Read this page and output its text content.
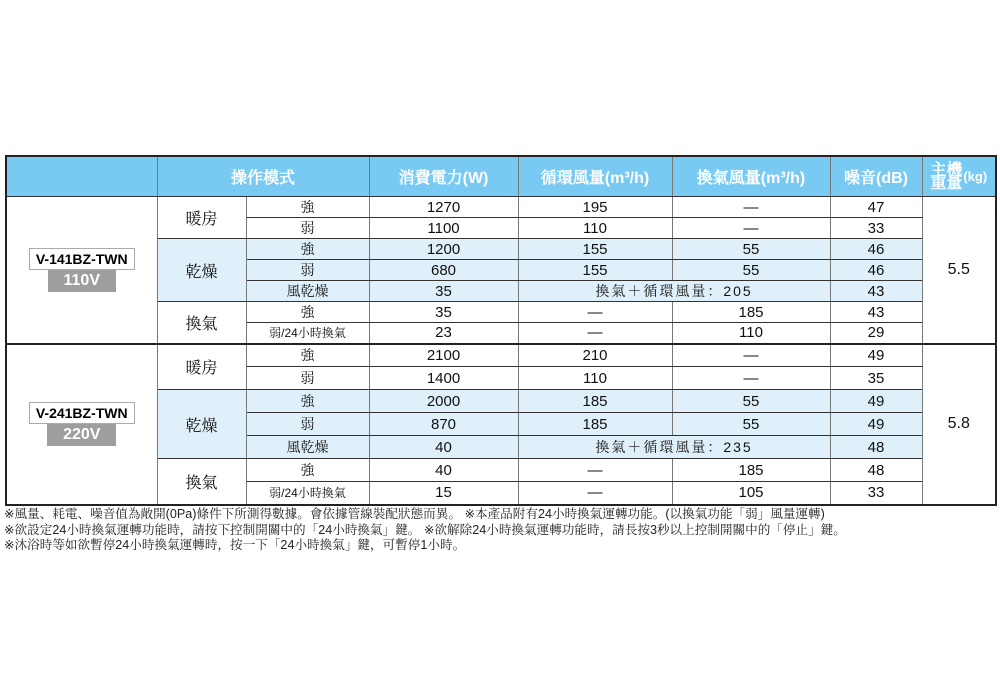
	操作模式		消費電力(W)	循環風量(m³/h)	換氣風量(m³/h)	噪音(dB)	主機
重量 (kg)

V-141BZ-TWN
110V	暖房	強	1270	195	—	47	5.5
		弱	1100	110	—	33	
	乾燥	強	1200	155	55	46	
		弱	680	155	55	46	
		風乾燥	35	換氣＋循環風量：205		43	
	換氣	強	35	—	185	43	
		弱/24小時換氣	23	—	110	29	

V-241BZ-TWN
220V	暖房	強	2100	210	—	49	5.8
		弱	1400	110	—	35	
	乾燥	強	2000	185	55	49	
		弱	870	185	55	49	
		風乾燥	40	換氣＋循環風量：235		48	
	換氣	強	40	—	185	48	
		弱/24小時換氣	15	—	105	33	

※風量、耗電、噪音值為敞開(0Pa)條件下所測得數據。會依據管線裝配狀態而異。 ※本產品附有24小時換氣運轉功能。(以換氣功能「弱」風量運轉)

※欲設定24小時換氣運轉功能時，請按下控制開關中的「24小時換氣」鍵。 ※欲解除24小時換氣運轉功能時，請長按3秒以上控制開關中的「停止」鍵。

※沐浴時等如欲暫停24小時換氣運轉時，按一下「24小時換氣」鍵，可暫停1小時。
